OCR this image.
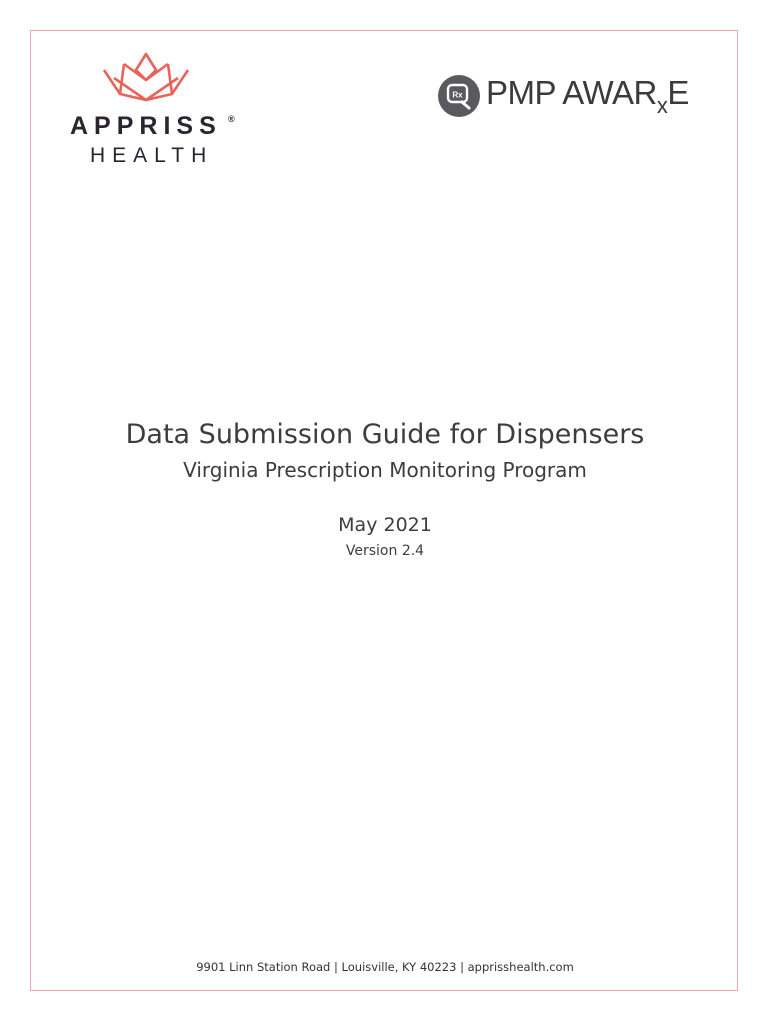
APPRISS ®
HEALTH
Rx PMP $AWAR_xE$
Data Submission Guide for Dispensers
Virginia Prescription Monitoring Program
May 2021
Version 2.4
9901 Linn Station Road | Louisville, KY 40223 | apprisshealth.com
